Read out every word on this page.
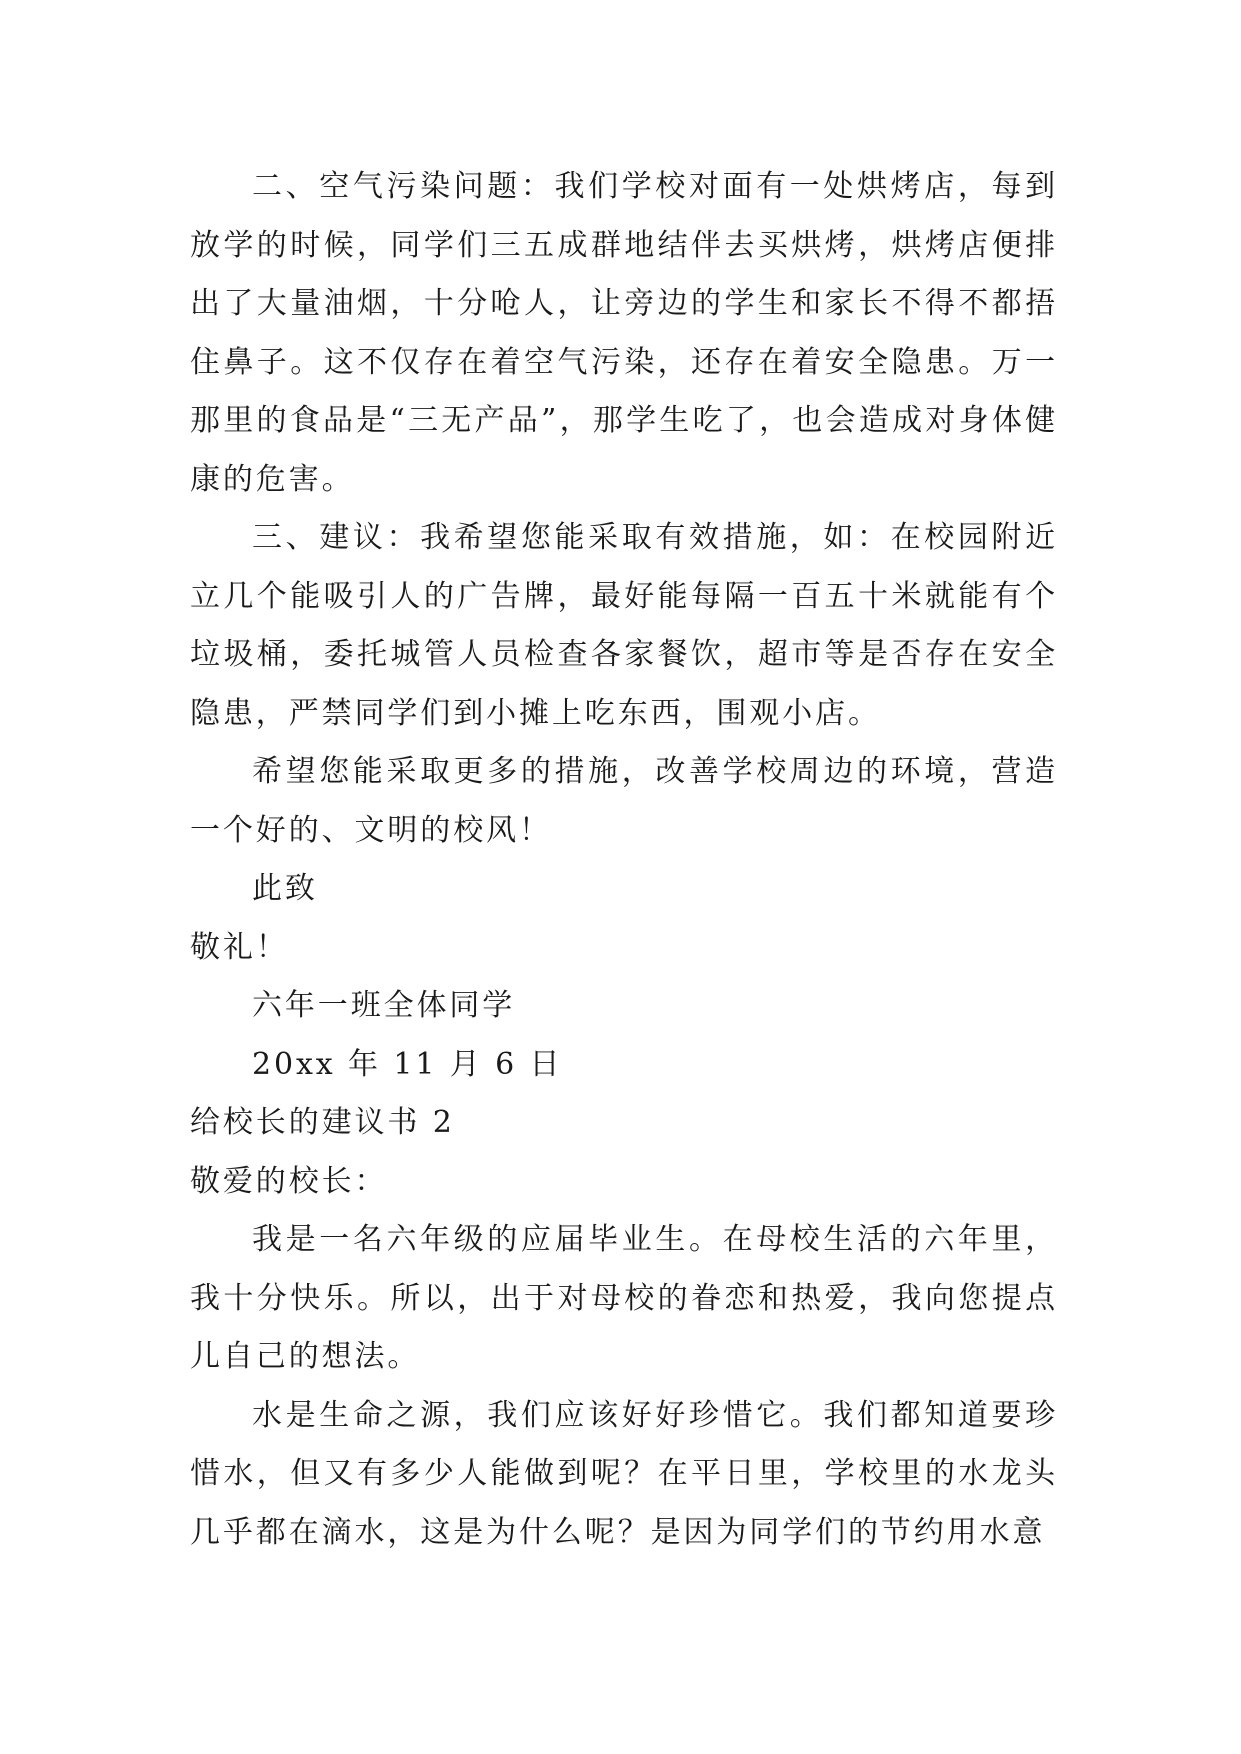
二、空气污染问题：我们学校对面有一处烘烤店，每到放学的时候，同学们三五成群地结伴去买烘烤，烘烤店便排出了大量油烟，十分呛人，让旁边的学生和家长不得不都捂住鼻子。这不仅存在着空气污染，还存在着安全隐患。万一那里的食品是“三无产品”，那学生吃了，也会造成对身体健康的危害。

三、建议：我希望您能采取有效措施，如：在校园附近立几个能吸引人的广告牌，最好能每隔一百五十米就能有个垃圾桶，委托城管人员检查各家餐饮，超市等是否存在安全隐患，严禁同学们到小摊上吃东西，围观小店。

希望您能采取更多的措施，改善学校周边的环境，营造一个好的、文明的校风！

此致

敬礼！

六年一班全体同学

20xx 年 11 月 6 日

给校长的建议书 2

敬爱的校长：

我是一名六年级的应届毕业生。在母校生活的六年里，我十分快乐。所以，出于对母校的眷恋和热爱，我向您提点儿自己的想法。

水是生命之源，我们应该好好珍惜它。我们都知道要珍惜水，但又有多少人能做到呢？在平日里，学校里的水龙头几乎都在滴水，这是为什么呢？是因为同学们的节约用水意
